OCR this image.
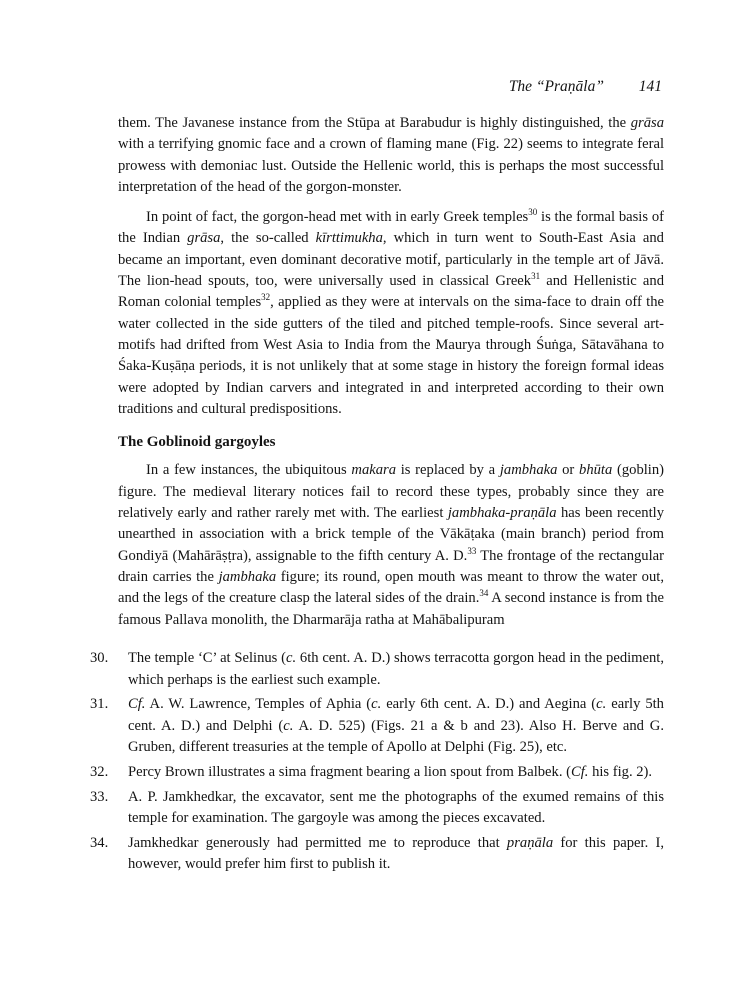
The “Praṇāla” 141

them. The Javanese instance from the Stūpa at Barabudur is highly distinguished, the grāsa with a terrifying gnomic face and a crown of flaming mane (Fig. 22) seems to integrate feral prowess with demoniac lust. Outside the Hellenic world, this is perhaps the most successful interpretation of the head of the gorgon-monster.

In point of fact, the gorgon-head met with in early Greek temples$^{30}$ is the formal basis of the Indian grāsa, the so-called kīrttimukha, which in turn went to South-East Asia and became an important, even dominant decorative motif, particularly in the temple art of Jāvā. The lion-head spouts, too, were universally used in classical Greek$^{31}$ and Hellenistic and Roman colonial temples$^{32}$, applied as they were at intervals on the sima-face to drain off the water collected in the side gutters of the tiled and pitched temple-roofs. Since several art-motifs had drifted from West Asia to India from the Maurya through Śuṅga, Sātavāhana to Śaka-Kuṣāṇa periods, it is not unlikely that at some stage in history the foreign formal ideas were adopted by Indian carvers and integrated in and interpreted according to their own traditions and cultural predispositions.

The Goblinoid gargoyles

In a few instances, the ubiquitous makara is replaced by a jambhaka or bhūta (goblin) figure. The medieval literary notices fail to record these types, probably since they are relatively early and rather rarely met with. The earliest jambhaka-praṇāla has been recently unearthed in association with a brick temple of the Vākāṭaka (main branch) period from Gondiyā (Mahārāṣṭra), assignable to the fifth century A. D.$^{33}$ The frontage of the rectangular drain carries the jambhaka figure; its round, open mouth was meant to throw the water out, and the legs of the creature clasp the lateral sides of the drain.$^{34}$ A second instance is from the famous Pallava monolith, the Dharmarāja ratha at Mahābalipuram

30.	The temple ‘C’ at Selinus (c. 6th cent. A. D.) shows terracotta gorgon head in the pediment, which perhaps is the earliest such example.
31.	Cf. A. W. Lawrence, Temples of Aphia (c. early 6th cent. A. D.) and Aegina (c. early 5th cent. A. D.) and Delphi (c. A. D. 525) (Figs. 21 a & b and 23). Also H. Berve and G. Gruben, different treasuries at the temple of Apollo at Delphi (Fig. 25), etc.
32.	Percy Brown illustrates a sima fragment bearing a lion spout from Balbek. (Cf. his fig. 2).
33.	A. P. Jamkhedkar, the excavator, sent me the photographs of the exumed remains of this temple for examination. The gargoyle was among the pieces excavated.
34.	Jamkhedkar generously had permitted me to reproduce that praṇāla for this paper. I, however, would prefer him first to publish it.
